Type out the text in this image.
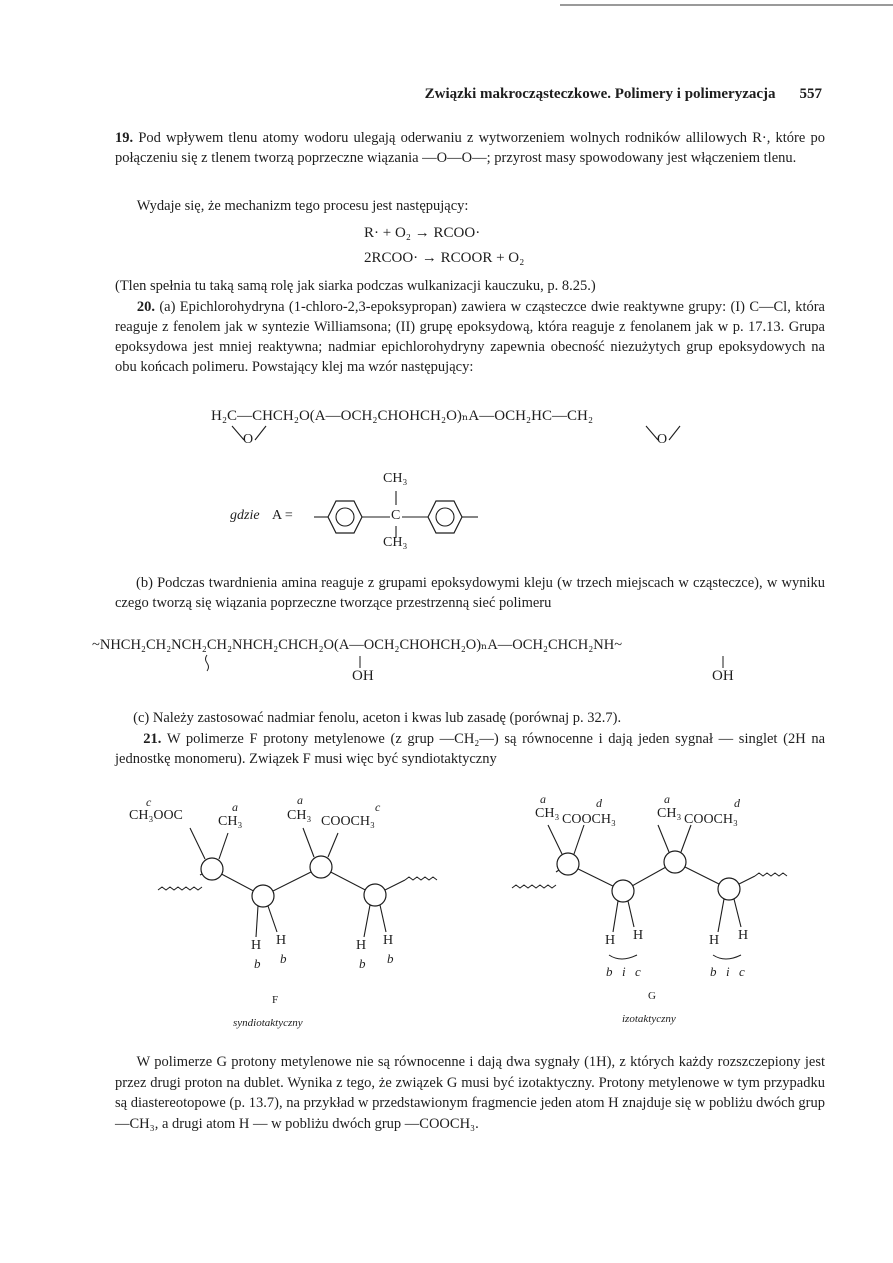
Związki makrocząsteczkowe. Polimery i polimeryzacja 557

19. Pod wpływem tlenu atomy wodoru ulegają oderwaniu z wytworzeniem wolnych rodników allilowych R·, które po połączeniu się z tlenem tworzą poprzeczne wiązania —O—O—; przyrost masy spowodowany jest włączeniem tlenu.

Wydaje się, że mechanizm tego procesu jest następujący:

R· + O₂ → RCOO·
2RCOO· → RCOOR + O₂

(Tlen spełnia tu taką samą rolę jak siarka podczas wulkanizacji kauczuku, p. 8.25.)

20. (a) Epichlorohydryna (1-chloro-2,3-epoksypropan) zawiera w cząsteczce dwie reaktywne grupy: (I) C—Cl, która reaguje z fenolem jak w syntezie Williamsona; (II) grupę epoksydową, która reaguje z fenolanem jak w p. 17.13. Grupa epoksydowa jest mniej reaktywna; nadmiar epichlorohydryny zapewnia obecność niezużytych grup epoksydowych na obu końcach polimeru. Powstający klej ma wzór następujący:

H₂C—CHCH₂O(A—OCH₂CHOHCH₂O)ₙA—OCH₂HC—CH₂
O	O
gdzie A =
CH₃
C
CH₃

(b) Podczas twardnienia amina reaguje z grupami epoksydowymi kleju (w trzech miejscach w cząsteczce), w wyniku czego tworzą się wiązania poprzeczne tworzące przestrzenną sieć polimeru

~NHCH₂CH₂NCH₂CH₂NHCH₂CHCH₂O(A—OCH₂CHOHCH₂O)ₙA—OCH₂CHCH₂NH~
OH	OH

(c) Należy zastosować nadmiar fenolu, aceton i kwas lub zasadę (porównaj p. 32.7).

21. W polimerze F protony metylenowe (z grup —CH₂—) są równocenne i dają jeden sygnał — singlet (2H na jednostkę monomeru). Związek F musi więc być syndiotaktyczny

c
CH₃OOC
a
CH₃
a
CH₃
c
COOCH₃
H H	H H
b b	b b
F
syndiotaktyczny
a
CH₃
d
COOCH₃
a
CH₃
d
COOCH₃
H H	H H
b i c	b i c
G
izotaktyczny

W polimerze G protony metylenowe nie są równocenne i dają dwa sygnały (1H), z których każdy rozszczepiony jest przez drugi proton na dublet. Wynika z tego, że związek G musi być izotaktyczny. Protony metylenowe w tym przypadku są diastereotopowe (p. 13.7), na przykład w przedstawionym fragmencie jeden atom H znajduje się w pobliżu dwóch grup —CH₃, a drugi atom H — w pobliżu dwóch grup —COOCH₃.
